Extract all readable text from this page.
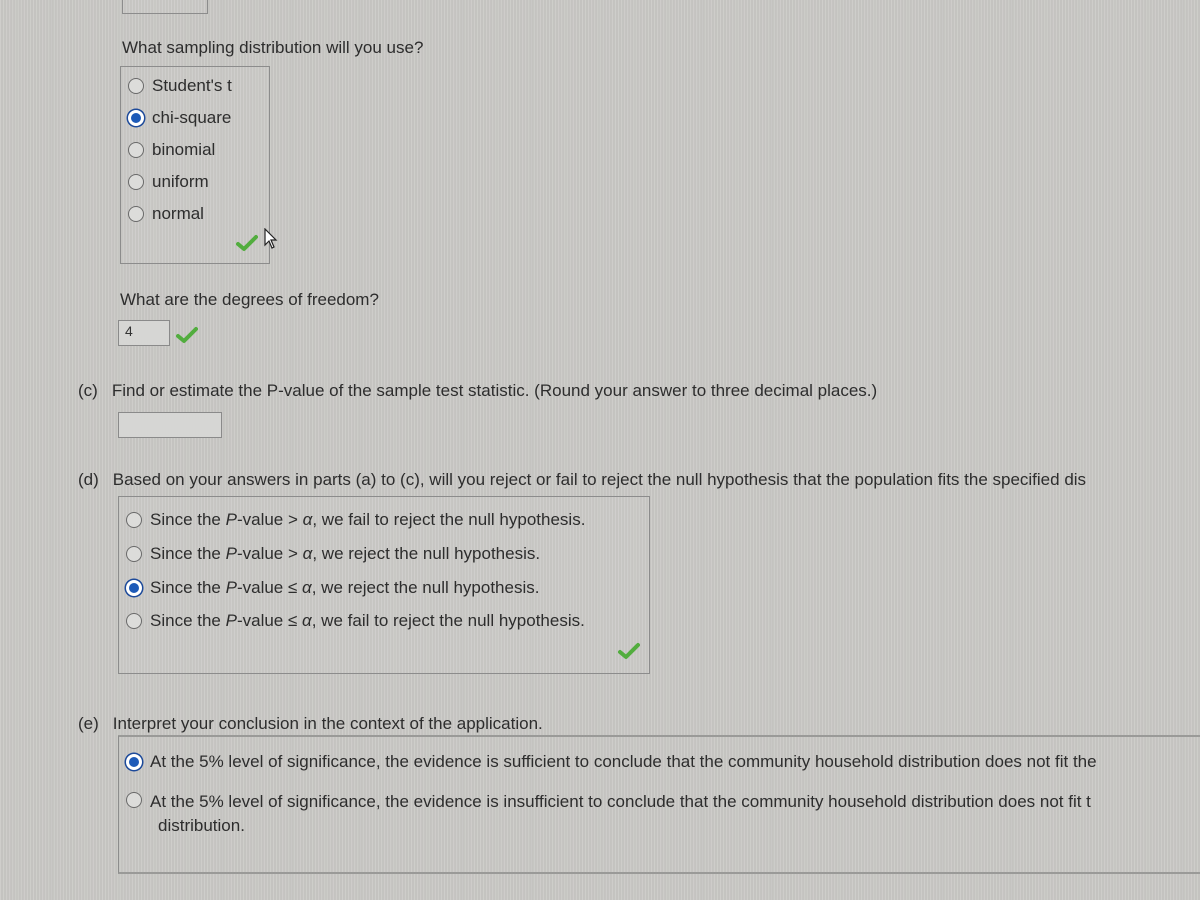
What sampling distribution will you use?
Student's t
chi-square
binomial
uniform
normal
What are the degrees of freedom?
4
(c) Find or estimate the P-value of the sample test statistic. (Round your answer to three decimal places.)
(d) Based on your answers in parts (a) to (c), will you reject or fail to reject the null hypothesis that the population fits the specified dis
Since the P-value > α, we fail to reject the null hypothesis.
Since the P-value > α, we reject the null hypothesis.
Since the P-value ≤ α, we reject the null hypothesis.
Since the P-value ≤ α, we fail to reject the null hypothesis.
(e) Interpret your conclusion in the context of the application.
At the 5% level of significance, the evidence is sufficient to conclude that the community household distribution does not fit the
At the 5% level of significance, the evidence is insufficient to conclude that the community household distribution does not fit t
distribution.
